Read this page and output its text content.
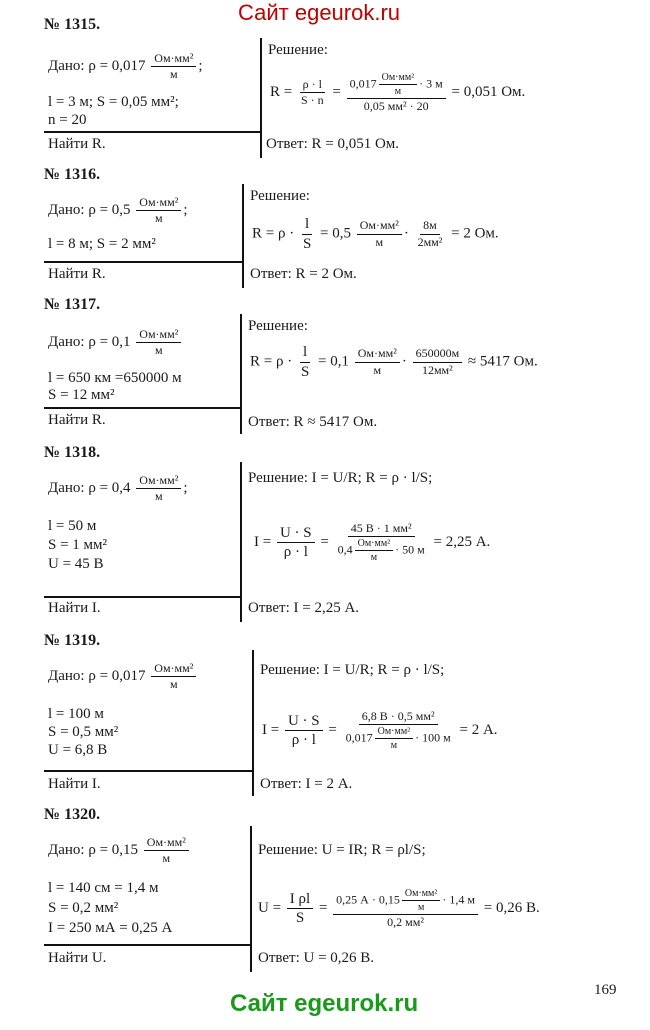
Сайт egeurok.ru
№ 1315.
Дано: $\rho = 0,017 \frac{\text{Ом·мм²}}{м}$ ;
l = 3 м; S = 0,05 мм²;
n = 20
Найти R.
Решение:
$R = \frac{\rho \cdot l}{S \cdot n} = \frac{0,017 \frac{\text{Ом·мм²}}{м} \cdot 3 м}{\text{0,05 мм² · 20}} = 0,051$ Ом.
Ответ: R = 0,051 Ом.
№ 1316.
Дано: $\rho = 0,5 \frac{\text{Ом·мм²}}{м}$ ;
l = 8 м; S = 2 мм²
Найти R.
Решение:
$R = \rho \cdot \frac{l}{S} = 0,5 \frac{\text{Ом·мм²}}{м} \cdot \frac{8м}{\text{2мм²}} = 2$ Ом.
Ответ: R = 2 Ом.
№ 1317.
Дано: $\rho = 0,1 \frac{\text{Ом·мм²}}{м}$
l = 650 км =650000 м
S = 12 мм²
Найти R.
Решение:
$R = \rho \cdot \frac{l}{S} = 0,1 \frac{\text{Ом·мм²}}{м} \cdot \frac{650000м}{\text{12мм²}} \approx 5417$ Ом.
Ответ: R ≈ 5417 Ом.
№ 1318.
Дано: $\rho = 0,4 \frac{\text{Ом·мм²}}{м}$ ;
l = 50 м
S = 1 мм²
U = 45 В
Найти I.
Решение: I = U/R; R = ρ · l/S;
$I = \frac{U \cdot S}{\rho \cdot l} = \frac{\text{45 В · 1 мм²}}{0,4 \frac{\text{Ом·мм²}}{м} \cdot 50 м} = 2,25$ А.
Ответ: I = 2,25 А.
№ 1319.
Дано: $\rho = 0,017 \frac{\text{Ом·мм²}}{м}$
l = 100 м
S = 0,5 мм²
U = 6,8 В
Найти I.
Решение: I = U/R; R = ρ · l/S;
$I = \frac{U \cdot S}{\rho \cdot l} = \frac{\text{6,8 В · 0,5 мм²}}{0,017 \frac{\text{Ом·мм²}}{м} \cdot 100 м} = 2$ А.
Ответ: I = 2 А.
№ 1320.
Дано: $\rho = 0,15 \frac{\text{Ом·мм²}}{м}$
l = 140 см = 1,4 м
S = 0,2 мм²
I = 250 мА = 0,25 А
Найти U.
Решение: U = IR; R = ρl/S;
$U = \frac{\text{I ρl}}{S} = \frac{0,25 А \cdot 0,15 \frac{\text{Ом·мм²}}{м} \cdot 1,4 м}{\text{0,2 мм²}} = 0,26$ В.
Ответ: U = 0,26 В.
169
Сайт egeurok.ru
